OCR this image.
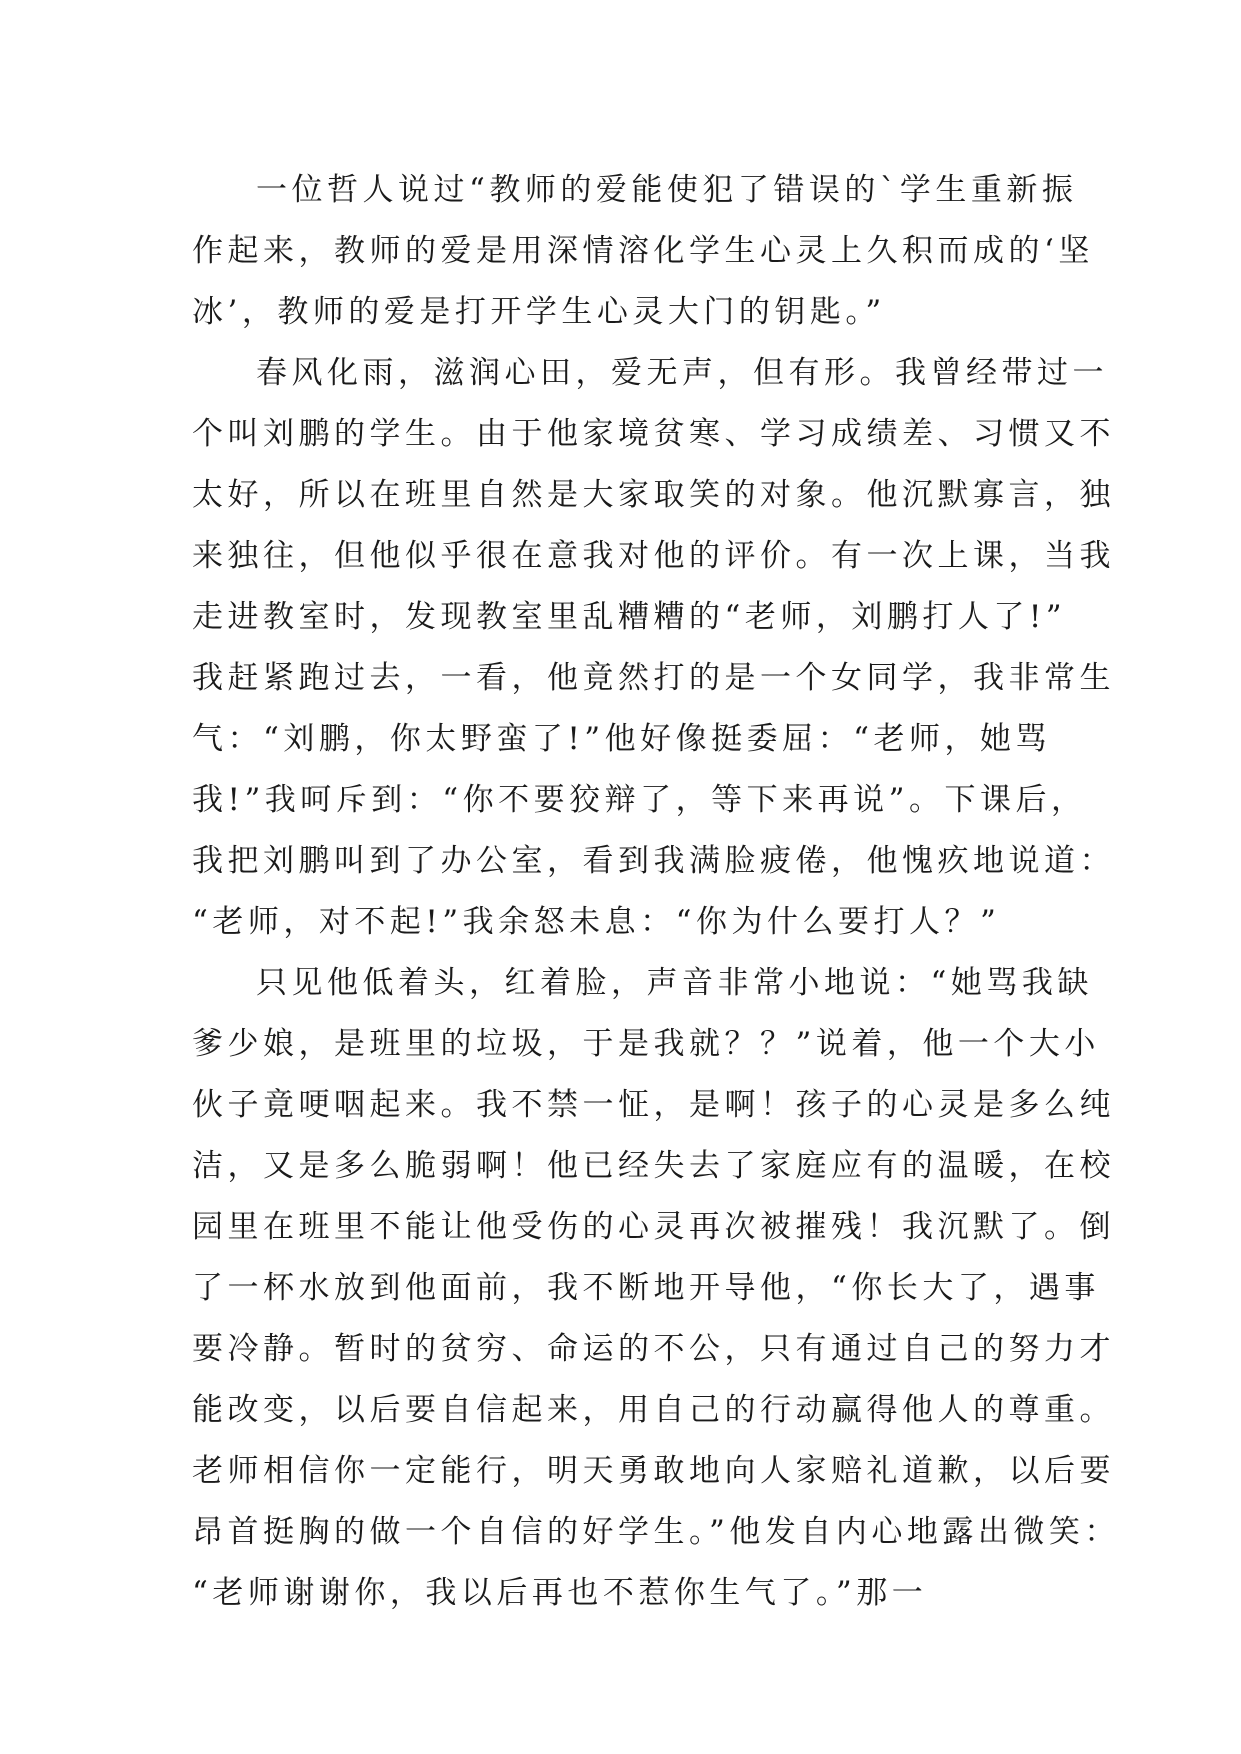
一位哲人说过“教师的爱能使犯了错误的`学生重新振
作起来，教师的爱是用深情溶化学生心灵上久积而成的‘坚
冰’，教师的爱是打开学生心灵大门的钥匙。”
春风化雨，滋润心田，爱无声，但有形。我曾经带过一
个叫刘鹏的学生。由于他家境贫寒、学习成绩差、习惯又不
太好，所以在班里自然是大家取笑的对象。他沉默寡言，独
来独往，但他似乎很在意我对他的评价。有一次上课，当我
走进教室时，发现教室里乱糟糟的“老师，刘鹏打人了!”
我赶紧跑过去，一看，他竟然打的是一个女同学，我非常生
气：“刘鹏，你太野蛮了!”他好像挺委屈：“老师，她骂
我!”我呵斥到：“你不要狡辩了，等下来再说”。下课后，
我把刘鹏叫到了办公室，看到我满脸疲倦，他愧疚地说道：
“老师，对不起!”我余怒未息：“你为什么要打人？”
只见他低着头，红着脸，声音非常小地说：“她骂我缺
爹少娘，是班里的垃圾，于是我就？？”说着，他一个大小
伙子竟哽咽起来。我不禁一怔，是啊！孩子的心灵是多么纯
洁，又是多么脆弱啊！他已经失去了家庭应有的温暖，在校
园里在班里不能让他受伤的心灵再次被摧残！我沉默了。倒
了一杯水放到他面前，我不断地开导他，“你长大了，遇事
要冷静。暂时的贫穷、命运的不公，只有通过自己的努力才
能改变，以后要自信起来，用自己的行动赢得他人的尊重。
老师相信你一定能行，明天勇敢地向人家赔礼道歉，以后要
昂首挺胸的做一个自信的好学生。”他发自内心地露出微笑：
“老师谢谢你，我以后再也不惹你生气了。”那一
